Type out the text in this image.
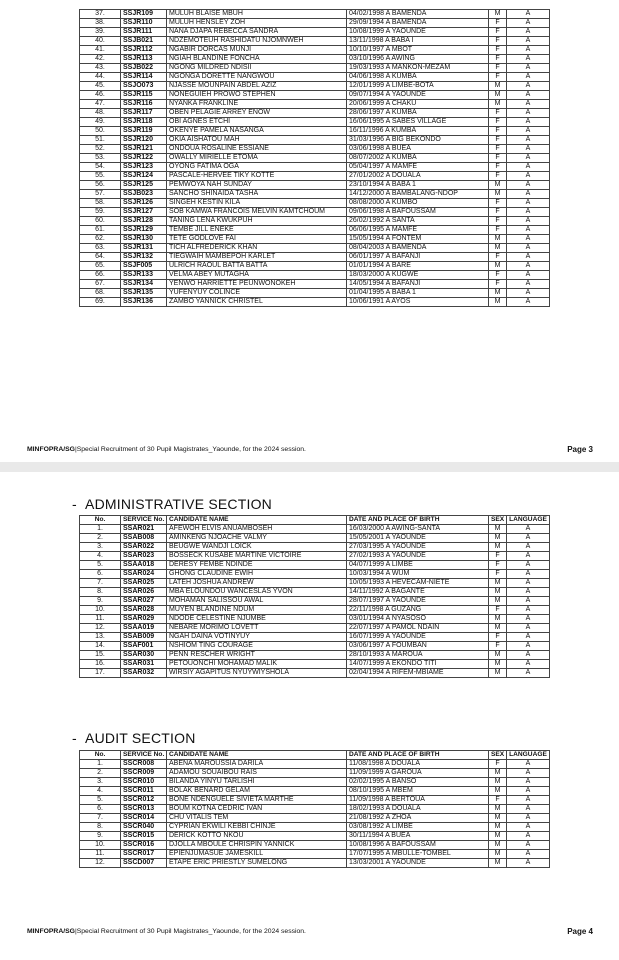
37.	SSJR109	MULUH BLAISE MBUH	04/02/1998 A BAMENDA	M	A
38.	SSJR110	MULUH HENSLEY ZOH	29/09/1994 A BAMENDA	F	A
39.	SSJR111	NANA DJAPA REBECCA SANDRA	10/08/1999 A YAOUNDE	F	A
40.	SSJB021	NDZEMOTEUH RASHIDATU NJOMNWEH	13/11/1998 A BABA I	F	A
41.	SSJR112	NGABIR DORCAS MUNJI	10/10/1997 A MBOT	F	A
42.	SSJR113	NGIAH BLANDINE FONCHA	03/10/1996 A AWING	F	A
43.	SSJB022	NGONG MILDRED NDISII	19/03/1993 A MANKON-MEZAM	F	A
44.	SSJR114	NGONGA DORETTE NANGWOU	04/06/1998 A KUMBA	F	A
45.	SSJO073	NJASSE MOUNPAIN ABDEL AZIZ	12/01/1999 A LIMBE-BOTA	M	A
46.	SSJR115	NONEGUIEH PROWO STEPHEN	09/07/1994 A YAOUNDE	M	A
47.	SSJR116	NYANKA FRANKLINE	20/06/1999 A CHAKU	M	A
48.	SSJR117	OBEN PELAGIE ARREY ENOW	28/06/1997 A KUMBA	F	A
49.	SSJR118	OBI AGNES ETCHI	16/06/1995 A SABES VILLAGE	F	A
50.	SSJR119	OKENYE PAMELA NASANGA	16/11/1996 A KUMBA	F	A
51.	SSJR120	OKIA AISHATOU MAH	31/03/1996 A BIG BEKONDO	F	A
52.	SSJR121	ONDOUA ROSALINE ESSIANE	03/06/1998 A BUEA	F	A
53.	SSJR122	OWALLY MIRIELLE ETOMA	08/07/2002 A KUMBA	F	A
54.	SSJR123	OYONG FATIMA OGA	05/04/1997 A MAMFE	F	A
55.	SSJR124	PASCALE-HERVEE TIKY KOTTE	27/01/2002 A DOUALA	F	A
56.	SSJR125	PEMWOYA NAH SUNDAY	23/10/1994 A BABA 1	M	A
57.	SSJB023	SANCHO SHINAIDA TASHA	14/12/2000 A BAMBALANG-NDOP	M	A
58.	SSJR126	SINGEH KESTIN KILA	08/08/2000 A KUMBO	F	A
59.	SSJR127	SOB KAMWA FRANCOIS MELVIN KAMTCHOUM	09/06/1998 A BAFOUSSAM	F	A
60.	SSJR128	TANING LENA KWUKPUH	26/02/1992 A SANTA	F	A
61.	SSJR129	TEMBE JILL ENEKE	06/06/1995 A MAMFE	F	A
62.	SSJR130	TETE GODLOVE FAI	15/05/1994 A FONTEM	M	A
63.	SSJR131	TICH ALFREDERICK KHAN	08/04/2003 A BAMENDA	M	A
64.	SSJR132	TIEGWAIH MAMBEPOH KARLET	06/01/1997 A BAFANJI	F	A
65.	SSJF005	ULRICH RAOUL BATTA BATTA	01/01/1994 A BARE	M	A
66.	SSJR133	VELMA ABEY MUTAGHA	18/03/2000 A KUGWE	F	A
67.	SSJR134	YENWO HARRIETTE PEUNWONOKEH	14/05/1994 A BAFANJI	F	A
68.	SSJR135	YUFENYUY COLINCE	01/04/1995 A BABA 1	M	A
69.	SSJR136	ZAMBO YANNICK CHRISTEL	10/06/1991 A AYOS	M	A
MINFOPRA/SG|Special Recruitment of 30 Pupil Magistrates_Yaounde, for the 2024 session.	Page 3
-  ADMINISTRATIVE SECTION
No.	SERVICE No.	CANDIDATE NAME	DATE AND PLACE OF BIRTH	SEX	LANGUAGE
1.	SSAR021	AFEWOH ELVIS ANUAMBOSEH	16/03/2000 A AWING-SANTA	M	A
2.	SSAB008	AMINKENG NJOACHE VALMY	15/05/2001 A YAOUNDE	M	A
3.	SSAR022	BEUGWE WANDJI LOICK	27/03/1995 A YAOUNDE	M	A
4.	SSAR023	BOSSECK KUSABE MARTINE VICTOIRE	27/02/1993 A YAOUNDE	F	A
5.	SSAA018	DERESY FEMBE NDINDE	04/07/1999 A LIMBE	F	A
6.	SSAR024	GHONG CLAUDINE EWIH	10/03/1994 A WUM	F	A
7.	SSAR025	LATEH JOSHUA ANDREW	10/05/1993 A HEVECAM-NIETE	M	A
8.	SSAR026	MBA ELOUNDOU WANCESLAS YVON	14/11/1992 A BAGANTE	M	A
9.	SSAR027	MOHAMAN SALISSOU AWAL	28/07/1997 A YAOUNDE	M	A
10.	SSAR028	MUYEN BLANDINE NDUM	22/11/1998 A GUZANG	F	A
11.	SSAR029	NDODE CELESTINE NJUMBE	03/01/1994 A NYASOSO	M	A
12.	SSAA019	NEBARE MORIMO LOVETT	22/07/1997 A PAMOL NDAIN	M	A
13.	SSAB009	NGAH DAINA VOTINYUY	16/07/1999 A YAOUNDE	F	A
14.	SSAF001	NSHIOM TING COURAGE	03/06/1997 A FOUMBAN	F	A
15.	SSAR030	PENN RESCHER WRIGHT	28/10/1993 A MAROUA	M	A
16.	SSAR031	PETOUONCHI MOHAMAD MALIK	14/07/1999 A EKONDO TITI	M	A
17.	SSAR032	WIRSIY AGAPITUS NYUYWIYSHOLA	02/04/1994 A RIFEM-MBIAME	M	A
-  AUDIT SECTION
No.	SERVICE No.	CANDIDATE NAME	DATE AND PLACE OF BIRTH	SEX	LANGUAGE
1.	SSCR008	ABENA MAROUSSIA DARILA	11/08/1998 A DOUALA	F	A
2.	SSCR009	ADAMOU SOUAIBOU RAIS	11/09/1999 A GAROUA	M	A
3.	SSCR010	BILANDA YINYU TARLISHI	02/02/1995 A BANSO	M	A
4.	SSCR011	BOLAK BENARD GELAM	08/10/1995 A MBEM	M	A
5.	SSCR012	BONE NDENGUELE SIVIETA MARTHE	11/09/1998 A BERTOUA	F	A
6.	SSCR013	BOUM KOTNA CEDRIC IVAN	18/02/1993 A DOUALA	M	A
7.	SSCR014	CHU VITALIS TEM	21/08/1992 A ZHOA	M	A
8.	SSCR040	CYPRIAN EKWILI KEBBI CHINJE	03/08/1992 A LIMBE	M	A
9.	SSCR015	DERICK KOTTO NKOU	30/11/1994 A BUEA	M	A
10.	SSCR016	DJOLLA MBOULE CHRISPIN YANNICK	10/08/1996 A BAFOUSSAM	M	A
11.	SSCR017	EPIENJUMASUE JAMESKILL	17/07/1995 A MBULLE-TOMBEL	M	A
12.	SSCD007	ETAPE ERIC PRIESTLY SUMELONG	13/03/2001 A YAOUNDE	M	A
MINFOPRA/SG|Special Recruitment of 30 Pupil Magistrates_Yaounde, for the 2024 session.	Page 4
